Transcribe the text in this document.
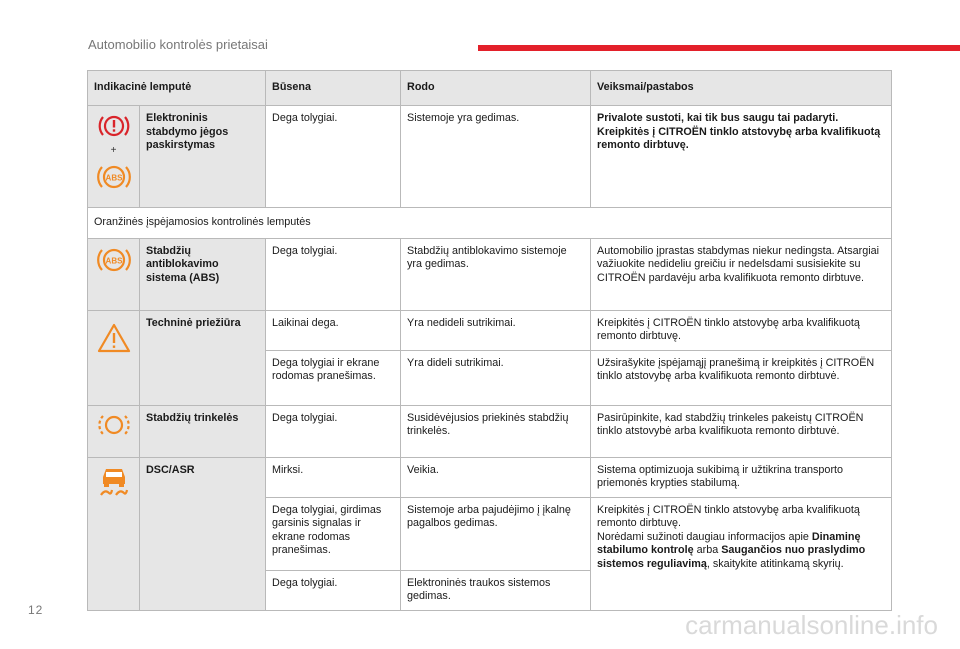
Automobilio kontrolės prietaisai
Indikacinė lemputė		Būsena	Rodo	Veiksmai/pastabos

+
ABS	Elektroninis stabdymo jėgos paskirstymas	Dega tolygiai.	Sistemoje yra gedimas.	Privalote sustoti, kai tik bus saugu tai padaryti. Kreipkitės į CITROËN tinklo atstovybę arba kvalifikuotą remonto dirbtuvę.
Oranžinės įspėjamosios kontrolinės lemputės				

ABS	Stabdžių antiblokavimo sistema (ABS)	Dega tolygiai.	Stabdžių antiblokavimo sistemoje yra gedimas.	Automobilio įprastas stabdymas niekur nedingsta. Atsargiai važiuokite nedideliu greičiu ir nedelsdami susisiekite su CITROËN pardavėju arba kvalifikuota remonto dirbtuve.

	Techninė priežiūra	Laikinai dega.	Yra nedideli sutrikimai.	Kreipkitės į CITROËN tinklo atstovybę arba kvalifikuotą remonto dirbtuvę.
		Dega tolygiai ir ekrane rodomas pranešimas.	Yra dideli sutrikimai.	Užsirašykite įspėjamąjį pranešimą ir kreipkitės į CITROËN tinklo atstovybę arba kvalifikuota remonto dirbtuvė.

	Stabdžių trinkelės	Dega tolygiai.	Susidėvėjusios priekinės stabdžių trinkelės.	Pasirūpinkite, kad stabdžių trinkeles pakeistų CITROËN tinklo atstovybė arba kvalifikuota remonto dirbtuvė.

	DSC/ASR	Mirksi.	Veikia.	Sistema optimizuoja sukibimą ir užtikrina transporto priemonės krypties stabilumą.
		Dega tolygiai, girdimas garsinis signalas ir ekrane rodomas pranešimas.	Sistemoje arba pajudėjimo į įkalnę pagalbos gedimas.	Kreipkitės į CITROËN tinklo atstovybę arba kvalifikuotą remonto dirbtuvę.
Norėdami sužinoti daugiau informacijos apie Dinaminę stabilumo kontrolę arba Saugančios nuo praslydimo sistemos reguliavimą, skaitykite atitinkamą skyrių.
		Dega tolygiai.	Elektroninės traukos sistemos gedimas.	
12	carmanualsonline.info
